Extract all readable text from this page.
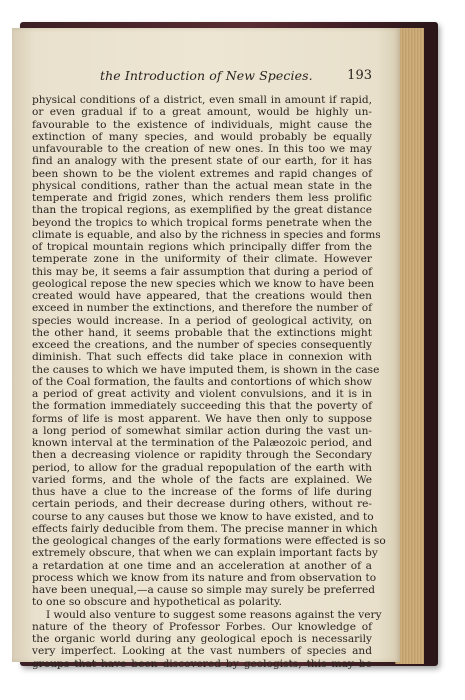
the Introduction of New Species.	193
physical conditions of a district, even small in amount if rapid,
or even gradual if to a great amount, would be highly un-
favourable to the existence of individuals, might cause the
extinction of many species, and would probably be equally
unfavourable to the creation of new ones. In this too we may
find an analogy with the present state of our earth, for it has
been shown to be the violent extremes and rapid changes of
physical conditions, rather than the actual mean state in the
temperate and frigid zones, which renders them less prolific
than the tropical regions, as exemplified by the great distance
beyond the tropics to which tropical forms penetrate when the
climate is equable, and also by the richness in species and forms
of tropical mountain regions which principally differ from the
temperate zone in the uniformity of their climate. However
this may be, it seems a fair assumption that during a period of
geological repose the new species which we know to have been
created would have appeared, that the creations would then
exceed in number the extinctions, and therefore the number of
species would increase. In a period of geological activity, on
the other hand, it seems probable that the extinctions might
exceed the creations, and the number of species consequently
diminish. That such effects did take place in connexion with
the causes to which we have imputed them, is shown in the case
of the Coal formation, the faults and contortions of which show
a period of great activity and violent convulsions, and it is in
the formation immediately succeeding this that the poverty of
forms of life is most apparent. We have then only to suppose
a long period of somewhat similar action during the vast un-
known interval at the termination of the Palæozoic period, and
then a decreasing violence or rapidity through the Secondary
period, to allow for the gradual repopulation of the earth with
varied forms, and the whole of the facts are explained. We
thus have a clue to the increase of the forms of life during
certain periods, and their decrease during others, without re-
course to any causes but those we know to have existed, and to
effects fairly deducible from them. The precise manner in which
the geological changes of the early formations were effected is so
extremely obscure, that when we can explain important facts by
a retardation at one time and an acceleration at another of a
process which we know from its nature and from observation to
have been unequal,—a cause so simple may surely be preferred
to one so obscure and hypothetical as polarity.
I would also venture to suggest some reasons against the very
nature of the theory of Professor Forbes. Our knowledge of
the organic world during any geological epoch is necessarily
very imperfect. Looking at the vast numbers of species and
groups that have been discovered by geologists, this may be
